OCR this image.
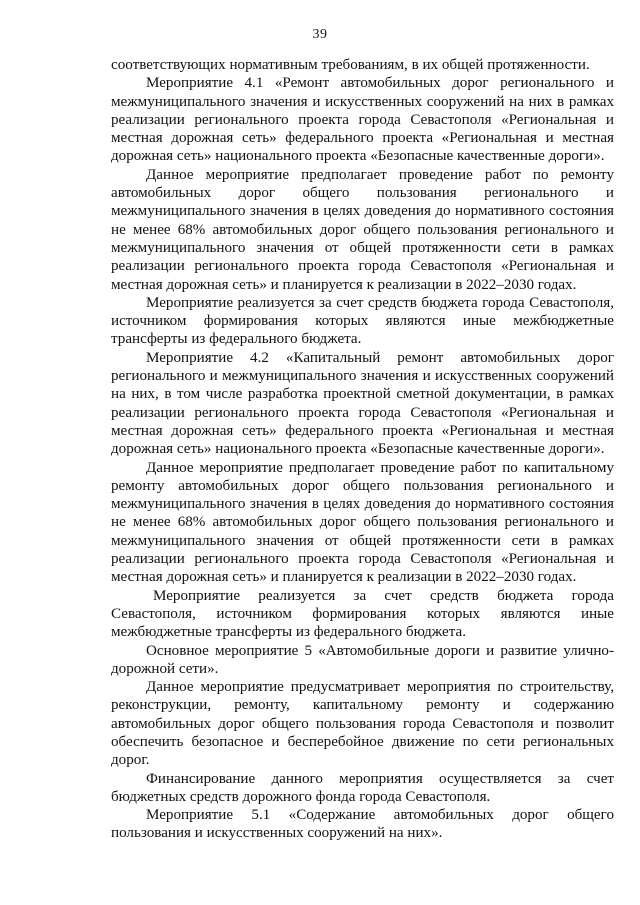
39

соответствующих нормативным требованиям, в их общей протяженности.

Мероприятие 4.1 «Ремонт автомобильных дорог регионального и межмуниципального значения и искусственных сооружений на них в рамках реализации регионального проекта города Севастополя «Региональная и местная дорожная сеть» федерального проекта «Региональная и местная дорожная сеть» национального проекта «Безопасные качественные дороги».

Данное мероприятие предполагает проведение работ по ремонту автомобильных дорог общего пользования регионального и межмуниципального значения в целях доведения до нормативного состояния не менее 68% автомобильных дорог общего пользования регионального и межмуниципального значения от общей протяженности сети в рамках реализации регионального проекта города Севастополя «Региональная и местная дорожная сеть» и планируется к реализации в 2022–2030 годах.

Мероприятие реализуется за счет средств бюджета города Севастополя, источником формирования которых являются иные межбюджетные трансферты из федерального бюджета.

Мероприятие 4.2 «Капитальный ремонт автомобильных дорог регионального и межмуниципального значения и искусственных сооружений на них, в том числе разработка проектной сметной документации, в рамках реализации регионального проекта города Севастополя «Региональная и местная дорожная сеть» федерального проекта «Региональная и местная дорожная сеть» национального проекта «Безопасные качественные дороги».

Данное мероприятие предполагает проведение работ по капитальному ремонту автомобильных дорог общего пользования регионального и межмуниципального значения в целях доведения до нормативного состояния не менее 68% автомобильных дорог общего пользования регионального и межмуниципального значения от общей протяженности сети в рамках реализации регионального проекта города Севастополя «Региональная и местная дорожная сеть» и планируется к реализации в 2022–2030 годах.

Мероприятие реализуется за счет средств бюджета города Севастополя, источником формирования которых являются иные межбюджетные трансферты из федерального бюджета.

Основное мероприятие 5 «Автомобильные дороги и развитие улично-дорожной сети».

Данное мероприятие предусматривает мероприятия по строительству, реконструкции, ремонту, капитальному ремонту и содержанию автомобильных дорог общего пользования города Севастополя и позволит обеспечить безопасное и бесперебойное движение по сети региональных дорог.

Финансирование данного мероприятия осуществляется за счет бюджетных средств дорожного фонда города Севастополя.

Мероприятие 5.1 «Содержание автомобильных дорог общего пользования и искусственных сооружений на них».
